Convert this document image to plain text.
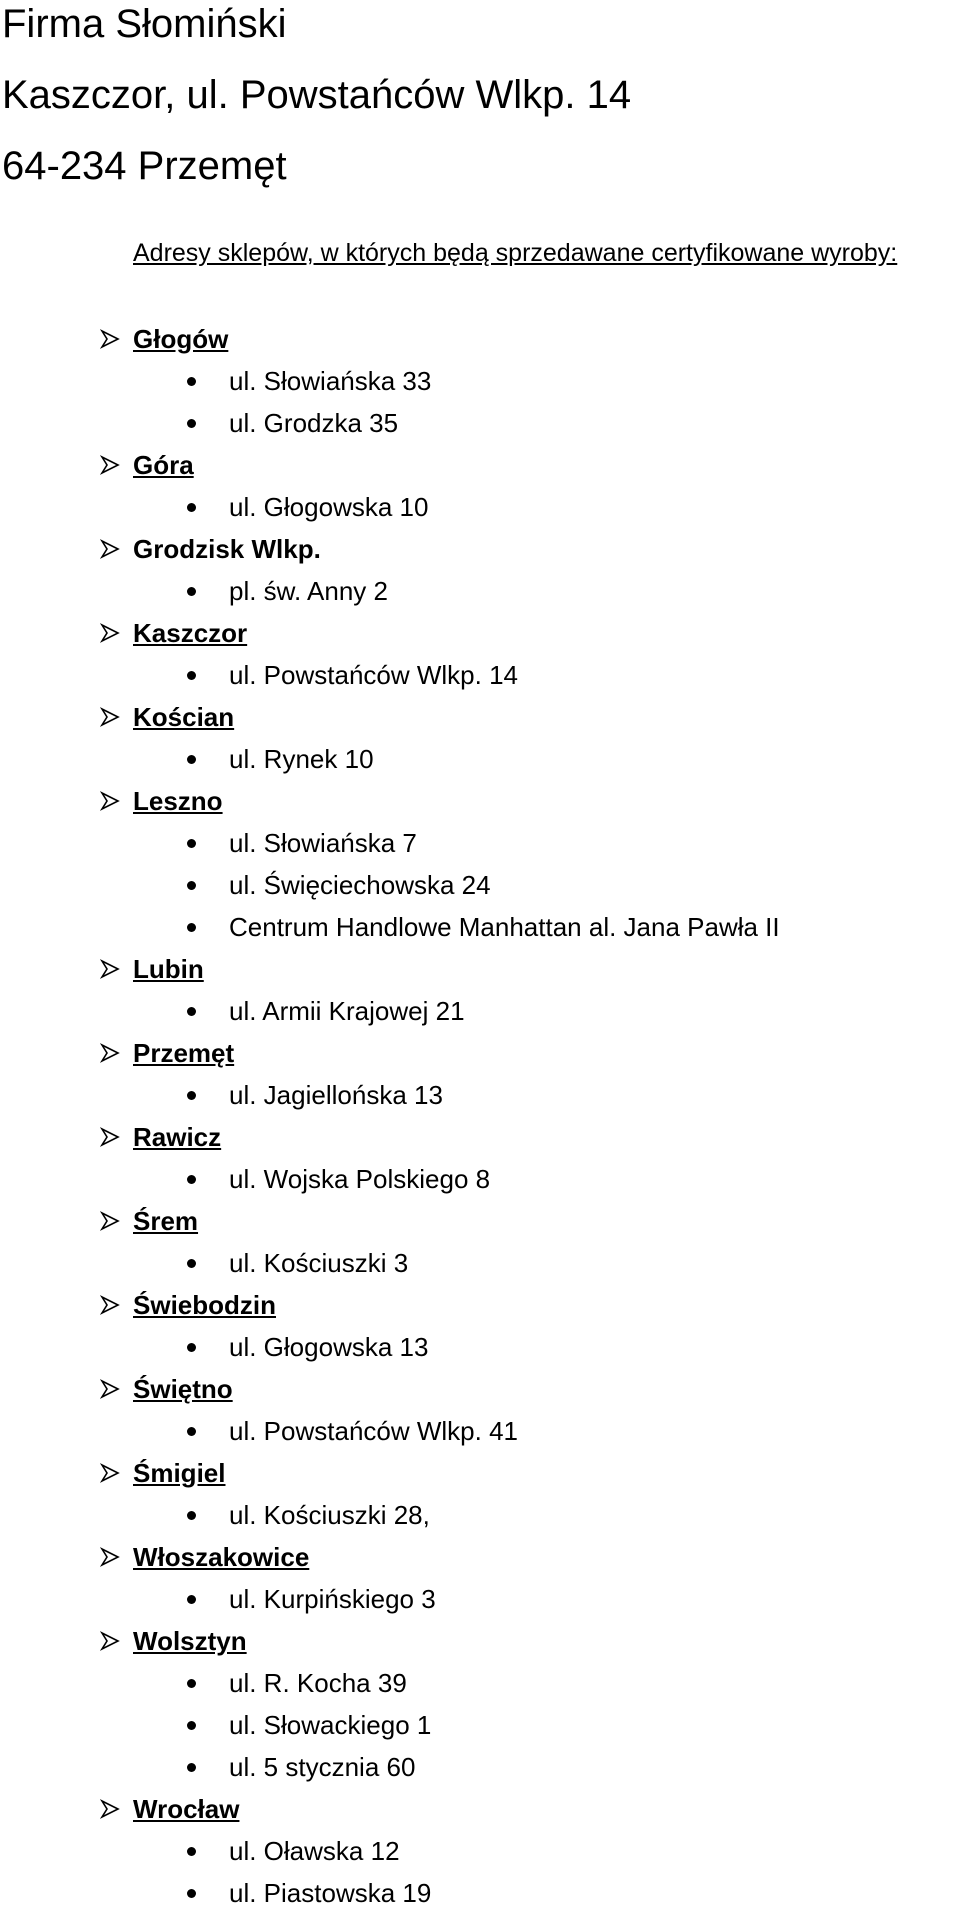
Firma Słomiński

Kaszczor, ul. Powstańców Wlkp. 14

64-234 Przemęt

Adresy sklepów, w których będą sprzedawane certyfikowane wyroby:
Głogów
ul. Słowiańska 33
ul. Grodzka 35
Góra
ul. Głogowska 10
Grodzisk Wlkp.
pl. św. Anny 2
Kaszczor
ul. Powstańców Wlkp. 14
Kościan
ul. Rynek 10
Leszno
ul. Słowiańska 7
ul. Święciechowska 24
Centrum Handlowe Manhattan al. Jana Pawła II
Lubin
ul. Armii Krajowej 21
Przemęt
ul. Jagiellońska 13
Rawicz
ul. Wojska Polskiego 8
Śrem
ul. Kościuszki 3
Świebodzin
ul. Głogowska 13
Świętno
ul. Powstańców Wlkp. 41
Śmigiel
ul. Kościuszki 28,
Włoszakowice
ul. Kurpińskiego 3
Wolsztyn
ul. R. Kocha 39
ul. Słowackiego 1
ul. 5 stycznia 60
Wrocław
ul. Oławska 12
ul. Piastowska 19
